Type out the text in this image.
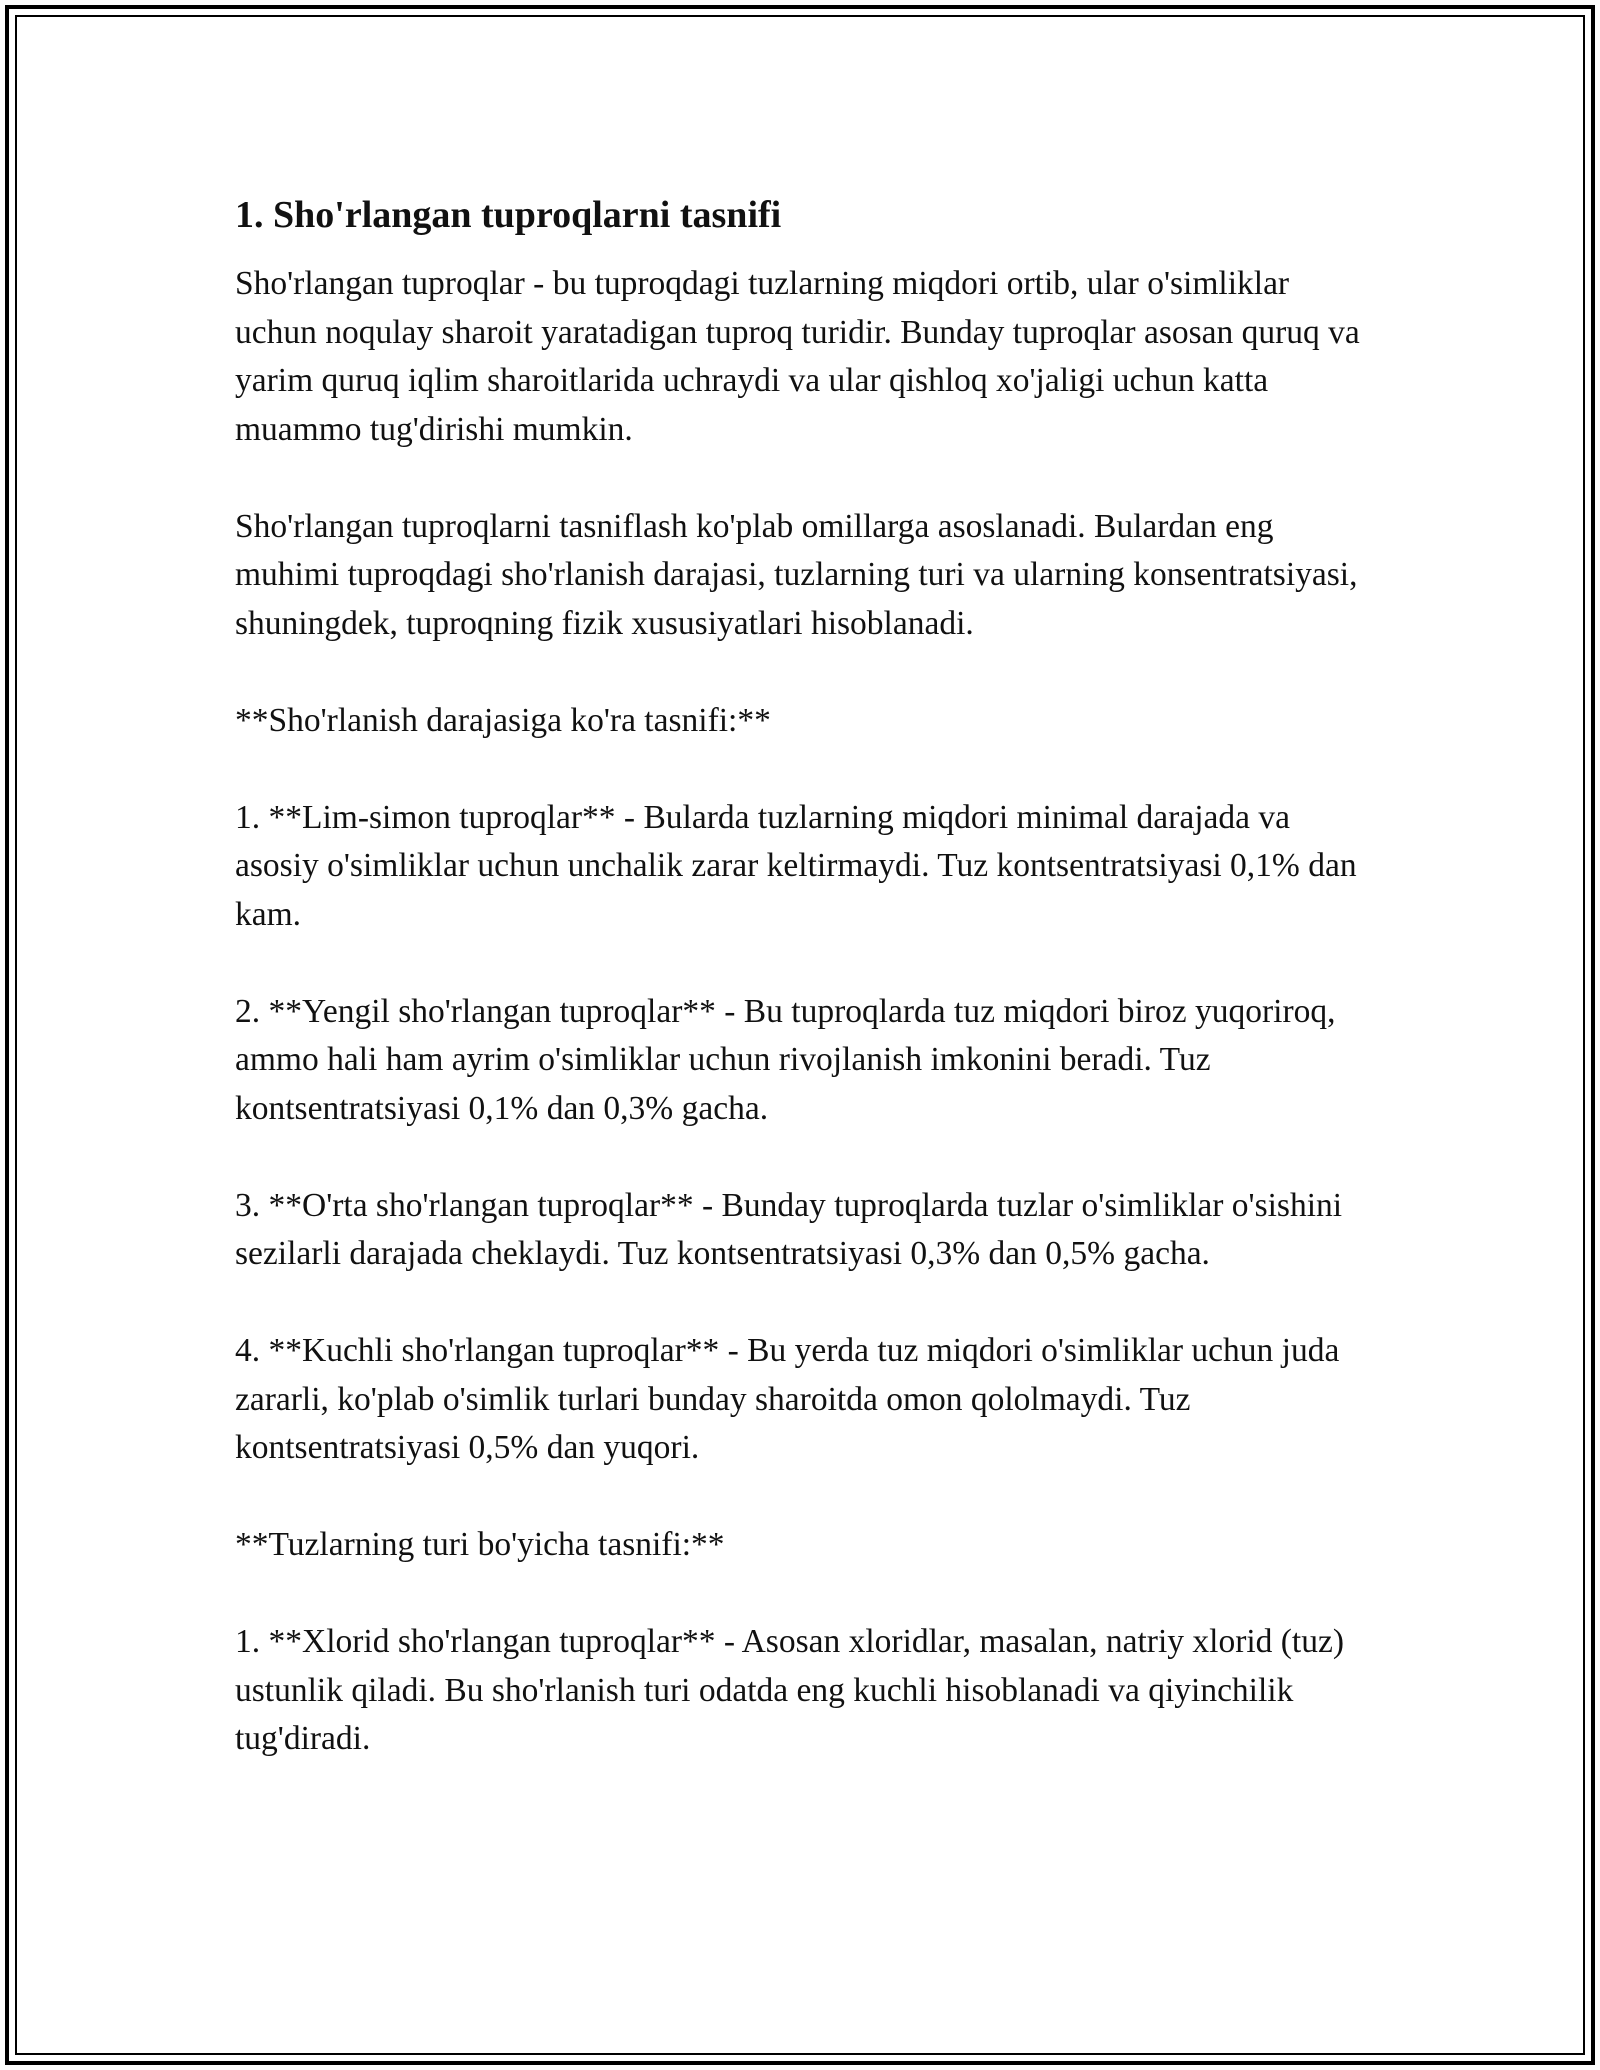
1. Sho'rlangan tuproqlarni tasnifi

Sho'rlangan tuproqlar - bu tuproqdagi tuzlarning miqdori ortib, ular o'simliklar uchun noqulay sharoit yaratadigan tuproq turidir. Bunday tuproqlar asosan quruq va yarim quruq iqlim sharoitlarida uchraydi va ular qishloq xo'jaligi uchun katta muammo tug'dirishi mumkin.

Sho'rlangan tuproqlarni tasniflash ko'plab omillarga asoslanadi. Bulardan eng muhimi tuproqdagi sho'rlanish darajasi, tuzlarning turi va ularning konsentratsiyasi, shuningdek, tuproqning fizik xususiyatlari hisoblanadi.

**Sho'rlanish darajasiga ko'ra tasnifi:**

1. **Lim-simon tuproqlar** - Bularda tuzlarning miqdori minimal darajada va asosiy o'simliklar uchun unchalik zarar keltirmaydi. Tuz kontsentratsiyasi 0,1% dan kam.

2. **Yengil sho'rlangan tuproqlar** - Bu tuproqlarda tuz miqdori biroz yuqoriroq, ammo hali ham ayrim o'simliklar uchun rivojlanish imkonini beradi. Tuz kontsentratsiyasi 0,1% dan 0,3% gacha.

3. **O'rta sho'rlangan tuproqlar** - Bunday tuproqlarda tuzlar o'simliklar o'sishini sezilarli darajada cheklaydi. Tuz kontsentratsiyasi 0,3% dan 0,5% gacha.

4. **Kuchli sho'rlangan tuproqlar** - Bu yerda tuz miqdori o'simliklar uchun juda zararli, ko'plab o'simlik turlari bunday sharoitda omon qololmaydi. Tuz kontsentratsiyasi 0,5% dan yuqori.

**Tuzlarning turi bo'yicha tasnifi:**

1. **Xlorid sho'rlangan tuproqlar** - Asosan xloridlar, masalan, natriy xlorid (tuz) ustunlik qiladi. Bu sho'rlanish turi odatda eng kuchli hisoblanadi va qiyinchilik tug'diradi.
